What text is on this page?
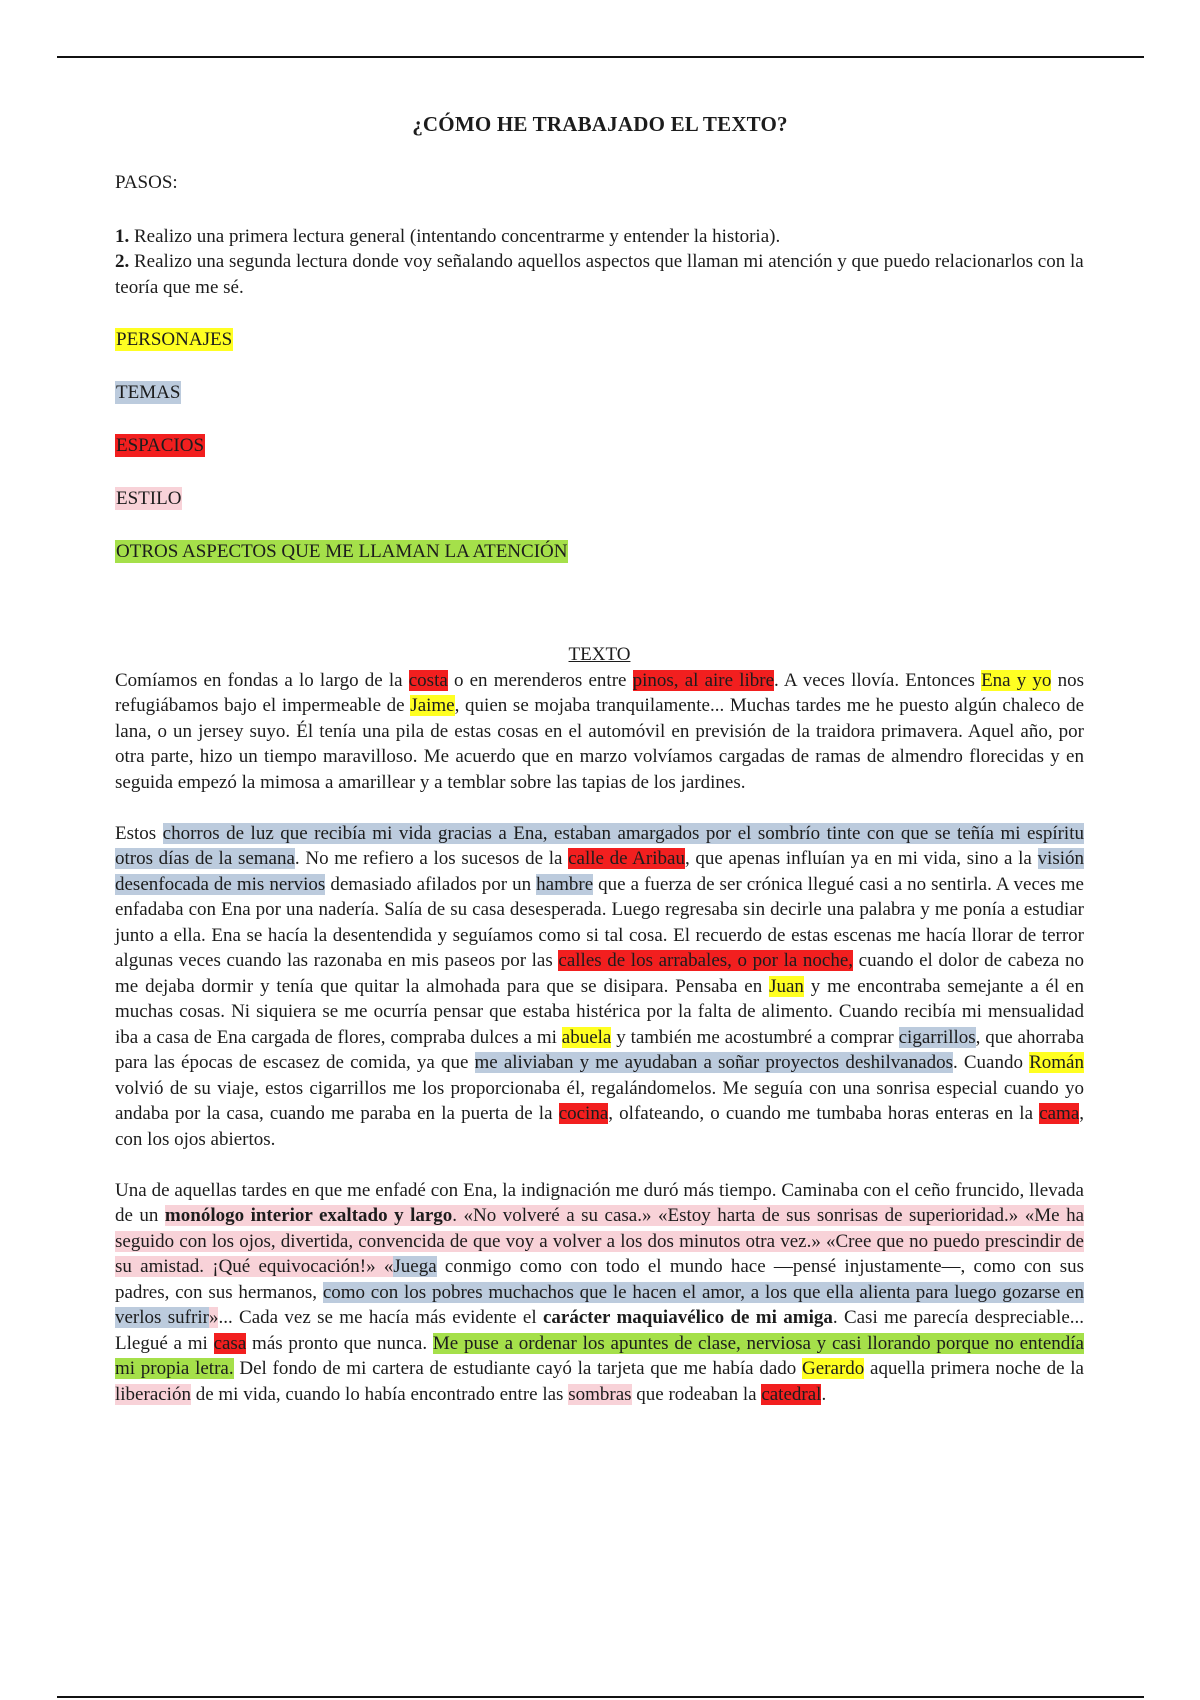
¿CÓMO HE TRABAJADO EL TEXTO?

PASOS:

1. Realizo una primera lectura general (intentando concentrarme y entender la historia).

2. Realizo una segunda lectura donde voy señalando aquellos aspectos que llaman mi atención y que puedo relacionarlos con la teoría que me sé.

PERSONAJES
TEMAS
ESPACIOS
ESTILO
OTROS ASPECTOS QUE ME LLAMAN LA ATENCIÓN

TEXTO

Comíamos en fondas a lo largo de la costa o en merenderos entre pinos, al aire libre. A veces llovía. Entonces Ena y yo nos refugiábamos bajo el impermeable de Jaime, quien se mojaba tranquilamente... Muchas tardes me he puesto algún chaleco de lana, o un jersey suyo. Él tenía una pila de estas cosas en el automóvil en previsión de la traidora primavera. Aquel año, por otra parte, hizo un tiempo maravilloso. Me acuerdo que en marzo volvíamos cargadas de ramas de almendro florecidas y en seguida empezó la mimosa a amarillear y a temblar sobre las tapias de los jardines.

Estos chorros de luz que recibía mi vida gracias a Ena, estaban amargados por el sombrío tinte con que se teñía mi espíritu otros días de la semana. No me refiero a los sucesos de la calle de Aribau, que apenas influían ya en mi vida, sino a la visión desenfocada de mis nervios demasiado afilados por un hambre que a fuerza de ser crónica llegué casi a no sentirla. A veces me enfadaba con Ena por una nadería. Salía de su casa desesperada. Luego regresaba sin decirle una palabra y me ponía a estudiar junto a ella. Ena se hacía la desentendida y seguíamos como si tal cosa. El recuerdo de estas escenas me hacía llorar de terror algunas veces cuando las razonaba en mis paseos por las calles de los arrabales, o por la noche, cuando el dolor de cabeza no me dejaba dormir y tenía que quitar la almohada para que se disipara. Pensaba en Juan y me encontraba semejante a él en muchas cosas. Ni siquiera se me ocurría pensar que estaba histérica por la falta de alimento. Cuando recibía mi mensualidad iba a casa de Ena cargada de flores, compraba dulces a mi abuela y también me acostumbré a comprar cigarrillos, que ahorraba para las épocas de escasez de comida, ya que me aliviaban y me ayudaban a soñar proyectos deshilvanados. Cuando Román volvió de su viaje, estos cigarrillos me los proporcionaba él, regalándomelos. Me seguía con una sonrisa especial cuando yo andaba por la casa, cuando me paraba en la puerta de la cocina, olfateando, o cuando me tumbaba horas enteras en la cama, con los ojos abiertos.

Una de aquellas tardes en que me enfadé con Ena, la indignación me duró más tiempo. Caminaba con el ceño fruncido, llevada de un monólogo interior exaltado y largo. «No volveré a su casa.» «Estoy harta de sus sonrisas de superioridad.» «Me ha seguido con los ojos, divertida, convencida de que voy a volver a los dos minutos otra vez.» «Cree que no puedo prescindir de su amistad. ¡Qué equivocación!» «Juega conmigo como con todo el mundo hace —pensé injustamente—, como con sus padres, con sus hermanos, como con los pobres muchachos que le hacen el amor, a los que ella alienta para luego gozarse en verlos sufrir»... Cada vez se me hacía más evidente el carácter maquiavélico de mi amiga. Casi me parecía despreciable... Llegué a mi casa más pronto que nunca. Me puse a ordenar los apuntes de clase, nerviosa y casi llorando porque no entendía mi propia letra. Del fondo de mi cartera de estudiante cayó la tarjeta que me había dado Gerardo aquella primera noche de la liberación de mi vida, cuando lo había encontrado entre las sombras que rodeaban la catedral.
